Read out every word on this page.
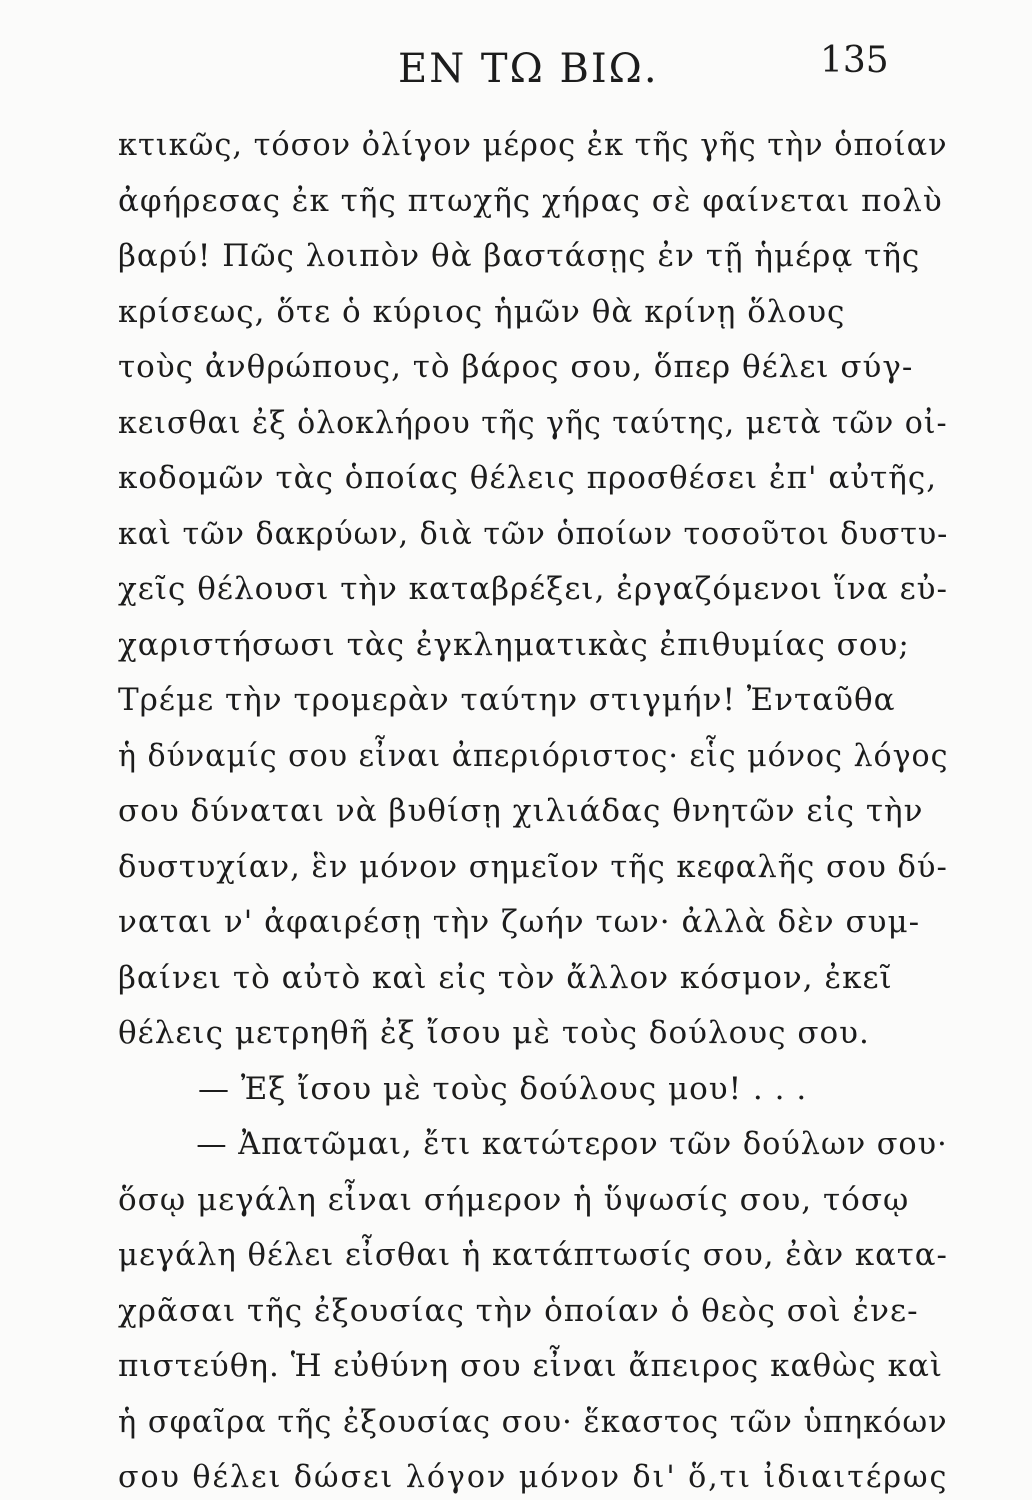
ΕΝ ΤΩ ΒΙΩ.	135
κτικῶς, τόσον ὀλίγον μέρος ἐκ τῆς γῆς τὴν ὁποίαν
ἀφήρεσας ἐκ τῆς πτωχῆς χήρας σὲ φαίνεται πολὺ
βαρύ! Πῶς λοιπὸν θὰ βαστάσῃς ἐν τῇ ἡμέρᾳ τῆς
κρίσεως, ὅτε ὁ κύριος ἡμῶν θὰ κρίνῃ ὅλους
τοὺς ἀνθρώπους, τὸ βάρος σου, ὅπερ θέλει σύγ-
κεισθαι ἐξ ὁλοκλήρου τῆς γῆς ταύτης, μετὰ τῶν οἰ-
κοδομῶν τὰς ὁποίας θέλεις προσθέσει ἐπ' αὐτῆς,
καὶ τῶν δακρύων, διὰ τῶν ὁποίων τοσοῦτοι δυστυ-
χεῖς θέλουσι τὴν καταβρέξει, ἐργαζόμενοι ἵνα εὐ-
χαριστήσωσι τὰς ἐγκληματικὰς ἐπιθυμίας σου;
Τρέμε τὴν τρομερὰν ταύτην στιγμήν! Ἐνταῦθα
ἡ δύναμίς σου εἶναι ἀπεριόριστος· εἷς μόνος λόγος
σου δύναται νὰ βυθίσῃ χιλιάδας θνητῶν εἰς τὴν
δυστυχίαν, ἓν μόνον σημεῖον τῆς κεφαλῆς σου δύ-
ναται ν' ἀφαιρέσῃ τὴν ζωήν των· ἀλλὰ δὲν συμ-
βαίνει τὸ αὐτὸ καὶ εἰς τὸν ἄλλον κόσμον, ἐκεῖ
θέλεις μετρηθῆ ἐξ ἴσου μὲ τοὺς δούλους σου.
— Ἐξ ἴσου μὲ τοὺς δούλους μου! . . .
— Ἀπατῶμαι, ἔτι κατώτερον τῶν δούλων σου·
ὅσῳ μεγάλη εἶναι σήμερον ἡ ὕψωσίς σου, τόσῳ
μεγάλη θέλει εἶσθαι ἡ κατάπτωσίς σου, ἐὰν κατα-
χρᾶσαι τῆς ἐξουσίας τὴν ὁποίαν ὁ θεὸς σοὶ ἐνε-
πιστεύθη. Ἡ εὐθύνη σου εἶναι ἄπειρος καθὼς καὶ
ἡ σφαῖρα τῆς ἐξουσίας σου· ἕκαστος τῶν ὑπηκόων
σου θέλει δώσει λόγον μόνον δι' ὅ,τι ἰδιαιτέρως
